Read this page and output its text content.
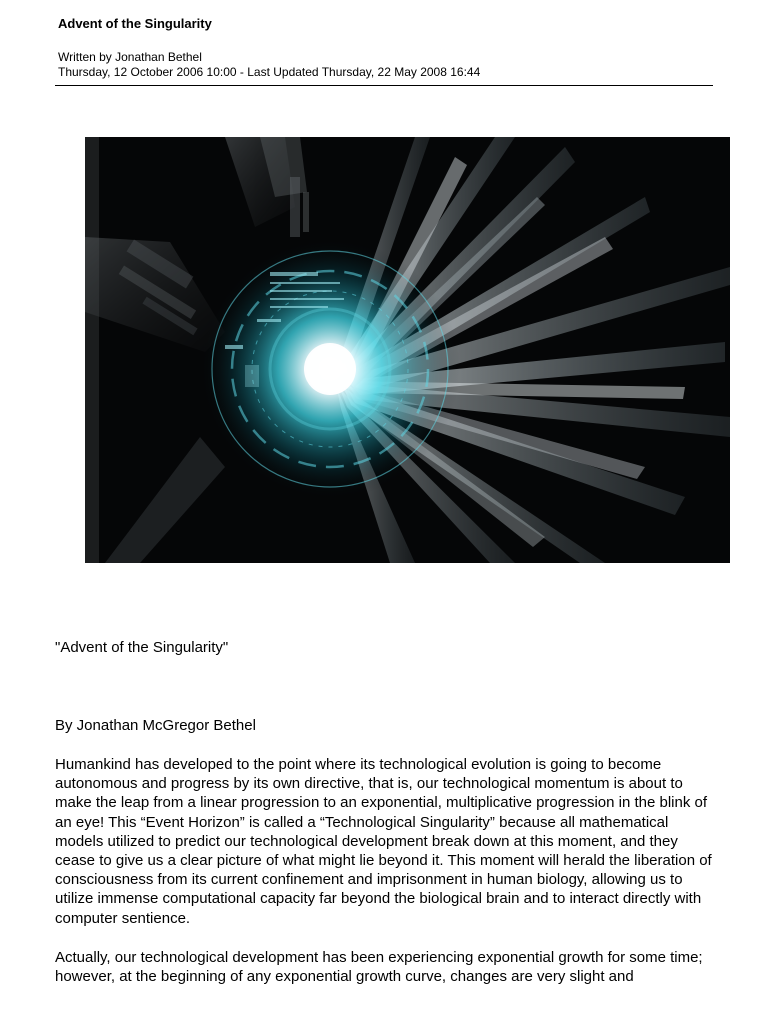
Advent of the Singularity
Written by Jonathan Bethel
Thursday, 12 October 2006 10:00 - Last Updated Thursday, 22 May 2008 16:44
"Advent of the Singularity"
By Jonathan McGregor Bethel

Humankind has developed to the point where its technological evolution is going to become autonomous and progress by its own directive, that is, our technological momentum is about to make the leap from a linear progression to an exponential, multiplicative progression in the blink of an eye! This “Event Horizon” is called a “Technological Singularity” because all mathematical models utilized to predict our technological development break down at this moment, and they cease to give us a clear picture of what might lie beyond it. This moment will herald the liberation of consciousness from its current confinement and imprisonment in human biology, allowing us to utilize immense computational capacity far beyond the biological brain and to interact directly with computer sentience.

Actually, our technological development has been experiencing exponential growth for some time; however, at the beginning of any exponential growth curve, changes are very slight and
